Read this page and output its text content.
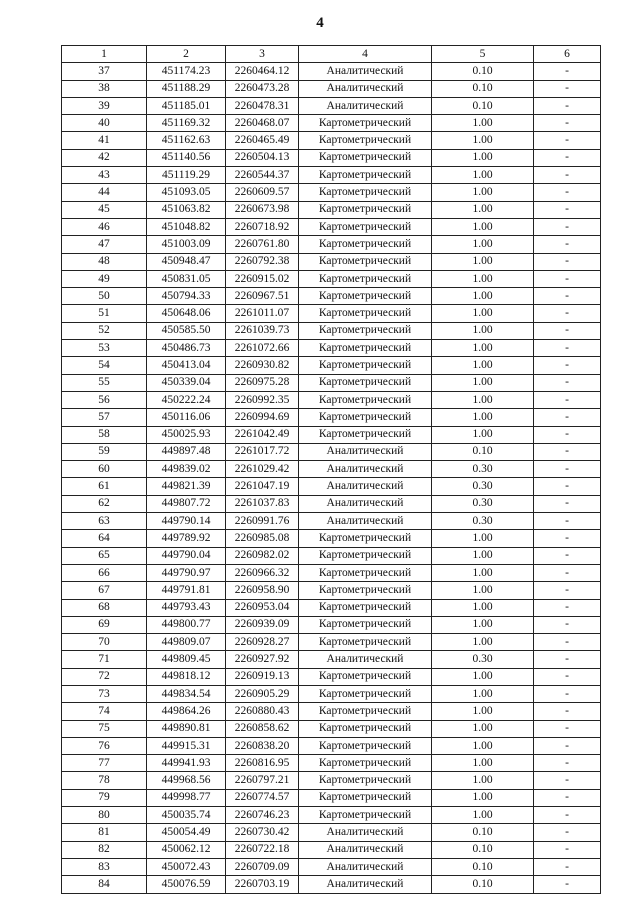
4
1	2	3	4	5	6
37	451174.23	2260464.12	Аналитический	0.10	-
38	451188.29	2260473.28	Аналитический	0.10	-
39	451185.01	2260478.31	Аналитический	0.10	-
40	451169.32	2260468.07	Картометрический	1.00	-
41	451162.63	2260465.49	Картометрический	1.00	-
42	451140.56	2260504.13	Картометрический	1.00	-
43	451119.29	2260544.37	Картометрический	1.00	-
44	451093.05	2260609.57	Картометрический	1.00	-
45	451063.82	2260673.98	Картометрический	1.00	-
46	451048.82	2260718.92	Картометрический	1.00	-
47	451003.09	2260761.80	Картометрический	1.00	-
48	450948.47	2260792.38	Картометрический	1.00	-
49	450831.05	2260915.02	Картометрический	1.00	-
50	450794.33	2260967.51	Картометрический	1.00	-
51	450648.06	2261011.07	Картометрический	1.00	-
52	450585.50	2261039.73	Картометрический	1.00	-
53	450486.73	2261072.66	Картометрический	1.00	-
54	450413.04	2260930.82	Картометрический	1.00	-
55	450339.04	2260975.28	Картометрический	1.00	-
56	450222.24	2260992.35	Картометрический	1.00	-
57	450116.06	2260994.69	Картометрический	1.00	-
58	450025.93	2261042.49	Картометрический	1.00	-
59	449897.48	2261017.72	Аналитический	0.10	-
60	449839.02	2261029.42	Аналитический	0.30	-
61	449821.39	2261047.19	Аналитический	0.30	-
62	449807.72	2261037.83	Аналитический	0.30	-
63	449790.14	2260991.76	Аналитический	0.30	-
64	449789.92	2260985.08	Картометрический	1.00	-
65	449790.04	2260982.02	Картометрический	1.00	-
66	449790.97	2260966.32	Картометрический	1.00	-
67	449791.81	2260958.90	Картометрический	1.00	-
68	449793.43	2260953.04	Картометрический	1.00	-
69	449800.77	2260939.09	Картометрический	1.00	-
70	449809.07	2260928.27	Картометрический	1.00	-
71	449809.45	2260927.92	Аналитический	0.30	-
72	449818.12	2260919.13	Картометрический	1.00	-
73	449834.54	2260905.29	Картометрический	1.00	-
74	449864.26	2260880.43	Картометрический	1.00	-
75	449890.81	2260858.62	Картометрический	1.00	-
76	449915.31	2260838.20	Картометрический	1.00	-
77	449941.93	2260816.95	Картометрический	1.00	-
78	449968.56	2260797.21	Картометрический	1.00	-
79	449998.77	2260774.57	Картометрический	1.00	-
80	450035.74	2260746.23	Картометрический	1.00	-
81	450054.49	2260730.42	Аналитический	0.10	-
82	450062.12	2260722.18	Аналитический	0.10	-
83	450072.43	2260709.09	Аналитический	0.10	-
84	450076.59	2260703.19	Аналитический	0.10	-
